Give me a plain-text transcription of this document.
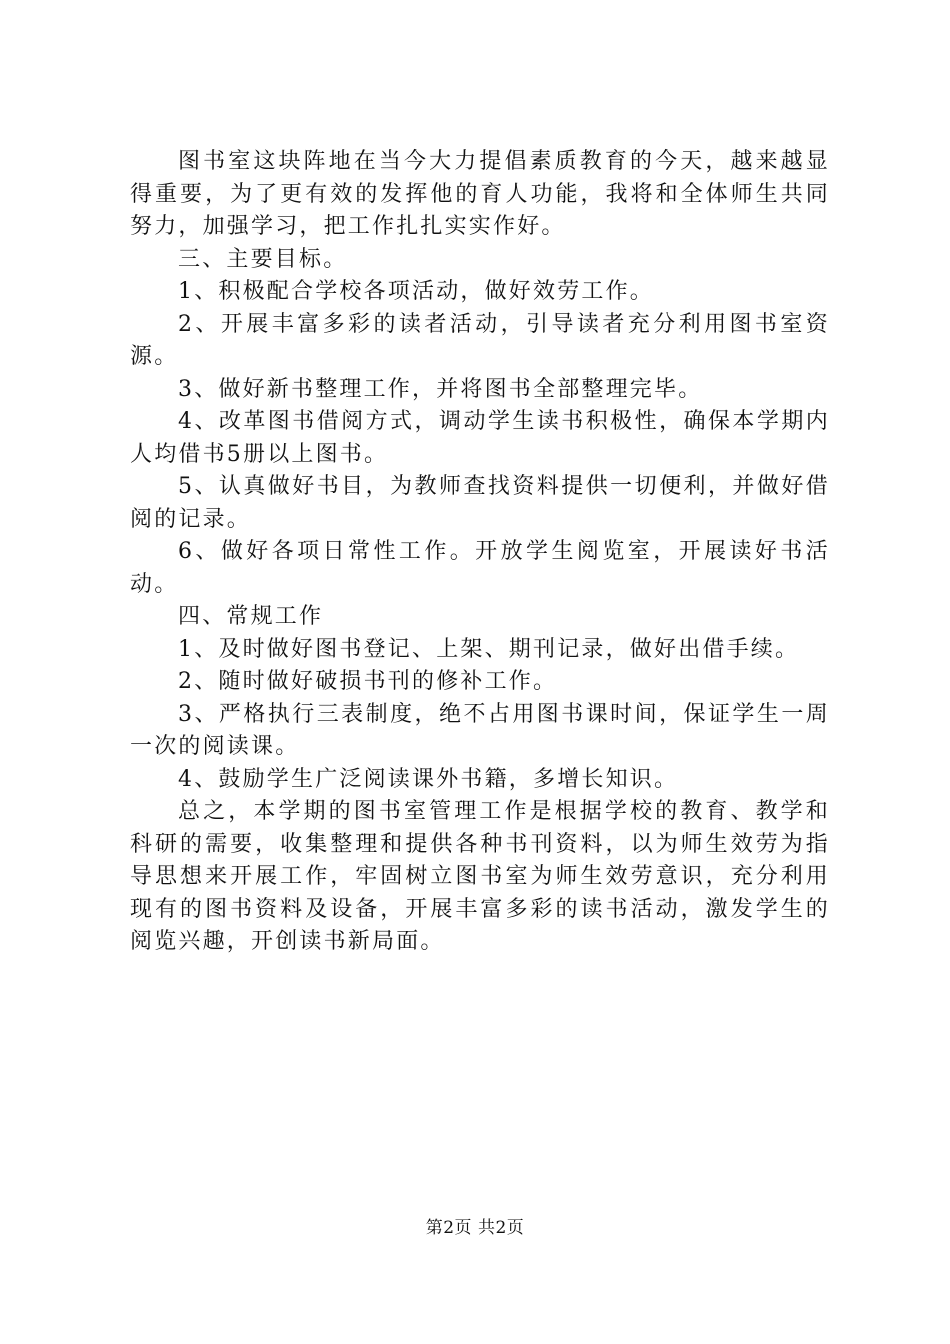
图书室这块阵地在当今大力提倡素质教育的今天，越来越显得重要，为了更有效的发挥他的育人功能，我将和全体师生共同努力，加强学习，把工作扎扎实实作好。

三、主要目标。

1、积极配合学校各项活动，做好效劳工作。

2、开展丰富多彩的读者活动，引导读者充分利用图书室资源。

3、做好新书整理工作，并将图书全部整理完毕。

4、改革图书借阅方式，调动学生读书积极性，确保本学期内人均借书5册以上图书。

5、认真做好书目，为教师查找资料提供一切便利，并做好借阅的记录。

6、做好各项日常性工作。开放学生阅览室，开展读好书活动。

四、常规工作

1、及时做好图书登记、上架、期刊记录，做好出借手续。

2、随时做好破损书刊的修补工作。

3、严格执行三表制度，绝不占用图书课时间，保证学生一周一次的阅读课。

4、鼓励学生广泛阅读课外书籍，多增长知识。

总之，本学期的图书室管理工作是根据学校的教育、教学和科研的需要，收集整理和提供各种书刊资料，以为师生效劳为指导思想来开展工作，牢固树立图书室为师生效劳意识，充分利用现有的图书资料及设备，开展丰富多彩的读书活动，激发学生的阅览兴趣，开创读书新局面。

第2页 共2页
